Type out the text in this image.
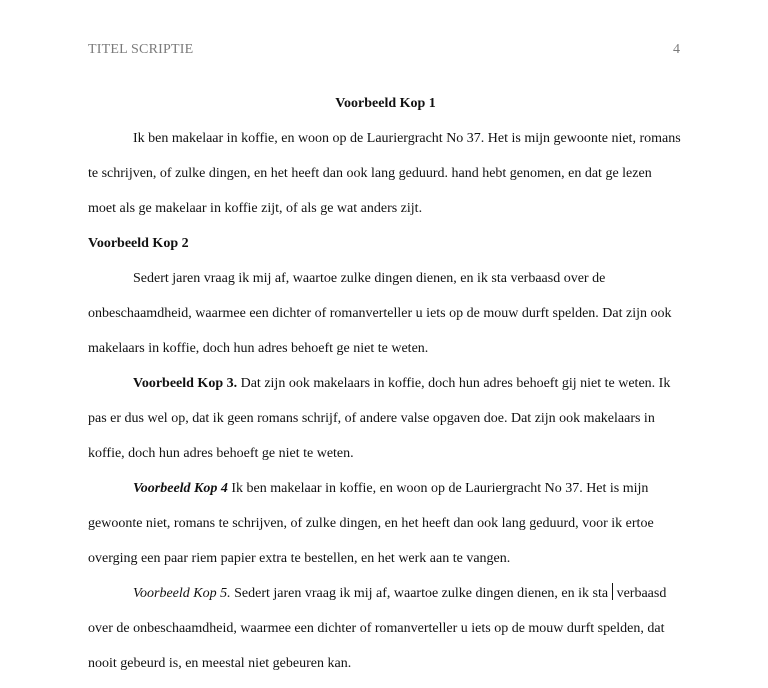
TITEL SCRIPTIE	4
Voorbeeld Kop 1

Ik ben makelaar in koffie, en woon op de Lauriergracht No 37. Het is mijn gewoonte niet, romans te schrijven, of zulke dingen, en het heeft dan ook lang geduurd. hand hebt genomen, en dat ge lezen moet als ge makelaar in koffie zijt, of als ge wat anders zijt.

Voorbeeld Kop 2

Sedert jaren vraag ik mij af, waartoe zulke dingen dienen, en ik sta verbaasd over de onbeschaamdheid, waarmee een dichter of romanverteller u iets op de mouw durft spelden. Dat zijn ook makelaars in koffie, doch hun adres behoeft ge niet te weten.

Voorbeeld Kop 3. Dat zijn ook makelaars in koffie, doch hun adres behoeft gij niet te weten. Ik pas er dus wel op, dat ik geen romans schrijf, of andere valse opgaven doe. Dat zijn ook makelaars in koffie, doch hun adres behoeft ge niet te weten.

Voorbeeld Kop 4 Ik ben makelaar in koffie, en woon op de Lauriergracht No 37. Het is mijn gewoonte niet, romans te schrijven, of zulke dingen, en het heeft dan ook lang geduurd, voor ik ertoe overging een paar riem papier extra te bestellen, en het werk aan te vangen.

Voorbeeld Kop 5. Sedert jaren vraag ik mij af, waartoe zulke dingen dienen, en ik sta verbaasd over de onbeschaamdheid, waarmee een dichter of romanverteller u iets op de mouw durft spelden, dat nooit gebeurd is, en meestal niet gebeuren kan.
